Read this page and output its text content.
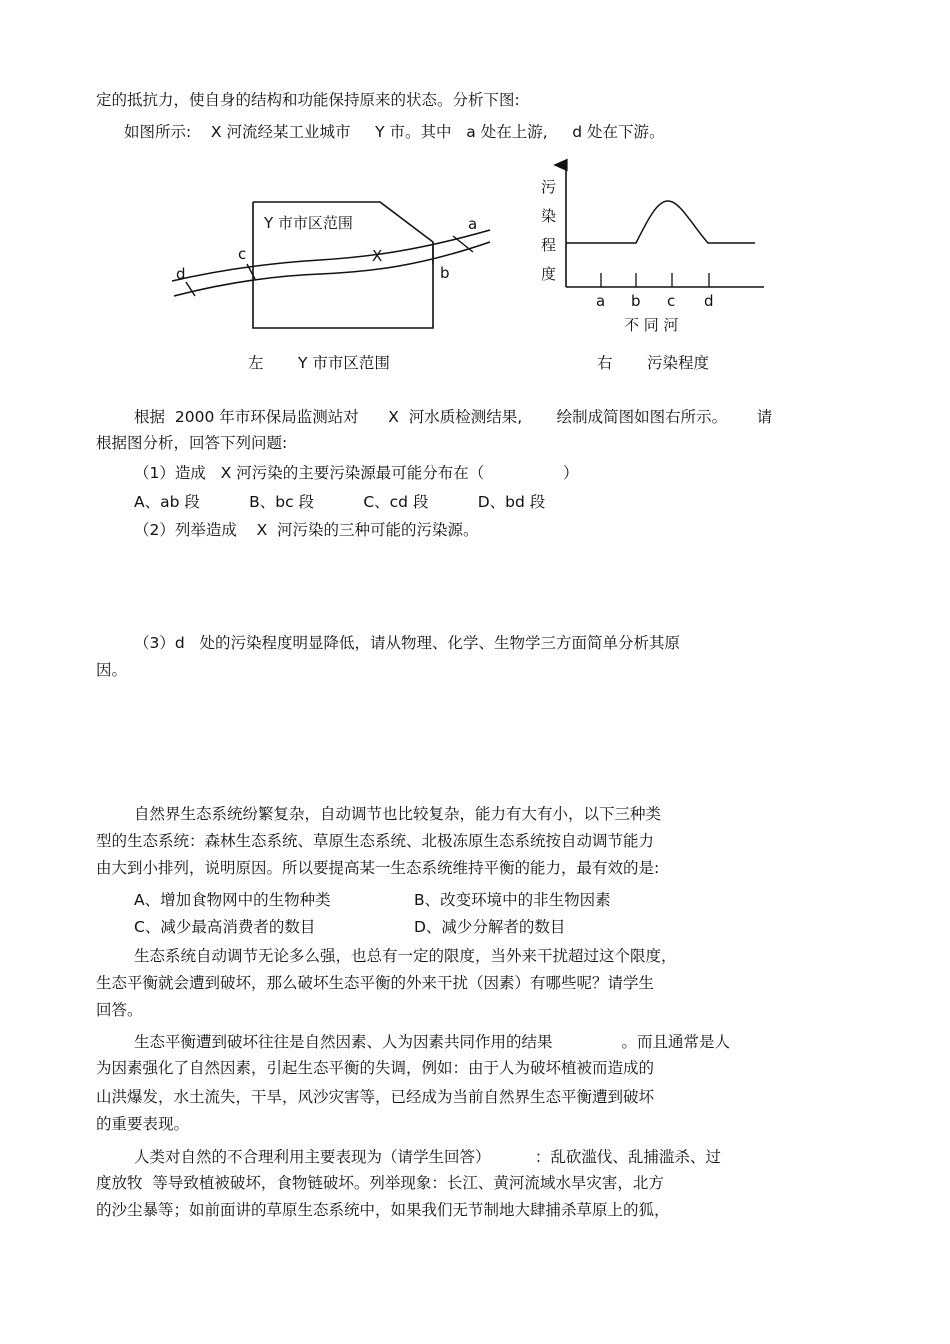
定的抵抗力，使自身的结构和功能保持原来的状态。分析下图:
如图所示:    X 河流经某工业城市     Y 市。其中   a 处在上游,     d 处在下游。
Y 市市区范围
X
a
b
c
d
左       Y 市市区范围
污
染
程
度
a b c d
不 同 河
右       污染程度
根据  2000 年市环保局监测站对      X  河水质检测结果,       绘制成简图如图右所示。      请
根据图分析，回答下列问题:
（1）造成   X 河污染的主要污染源最可能分布在（                ）
A、ab 段          B、bc 段          C、cd 段          D、bd 段
（2）列举造成    X  河污染的三种可能的污染源。
（3）d   处的污染程度明显降低，请从物理、化学、生物学三方面简单分析其原
因。
自然界生态系统纷繁复杂，自动调节也比较复杂，能力有大有小，以下三种类
型的生态系统：森林生态系统、草原生态系统、北极冻原生态系统按自动调节能力
由大到小排列，说明原因。所以要提高某一生态系统维持平衡的能力，最有效的是:
A、增加食物网中的生物种类	B、改变环境中的非生物因素
C、减少最高消费者的数目	D、减少分解者的数目
生态系统自动调节无论多么强，也总有一定的限度，当外来干扰超过这个限度，
生态平衡就会遭到破坏，那么破坏生态平衡的外来干扰（因素）有哪些呢？请学生
回答。
生态平衡遭到破坏往往是自然因素、人为因素共同作用的结果              。而且通常是人
为因素强化了自然因素，引起生态平衡的失调，例如：由于人为破坏植被而造成的
山洪爆发，水土流失，干旱，风沙灾害等，已经成为当前自然界生态平衡遭到破坏
的重要表现。
人类对自然的不合理利用主要表现为（请学生回答）         ：乱砍滥伐、乱捕滥杀、过
度放牧  等导致植被破坏，食物链破坏。列举现象：长江、黄河流域水旱灾害，北方
的沙尘暴等；如前面讲的草原生态系统中，如果我们无节制地大肆捕杀草原上的狐，
